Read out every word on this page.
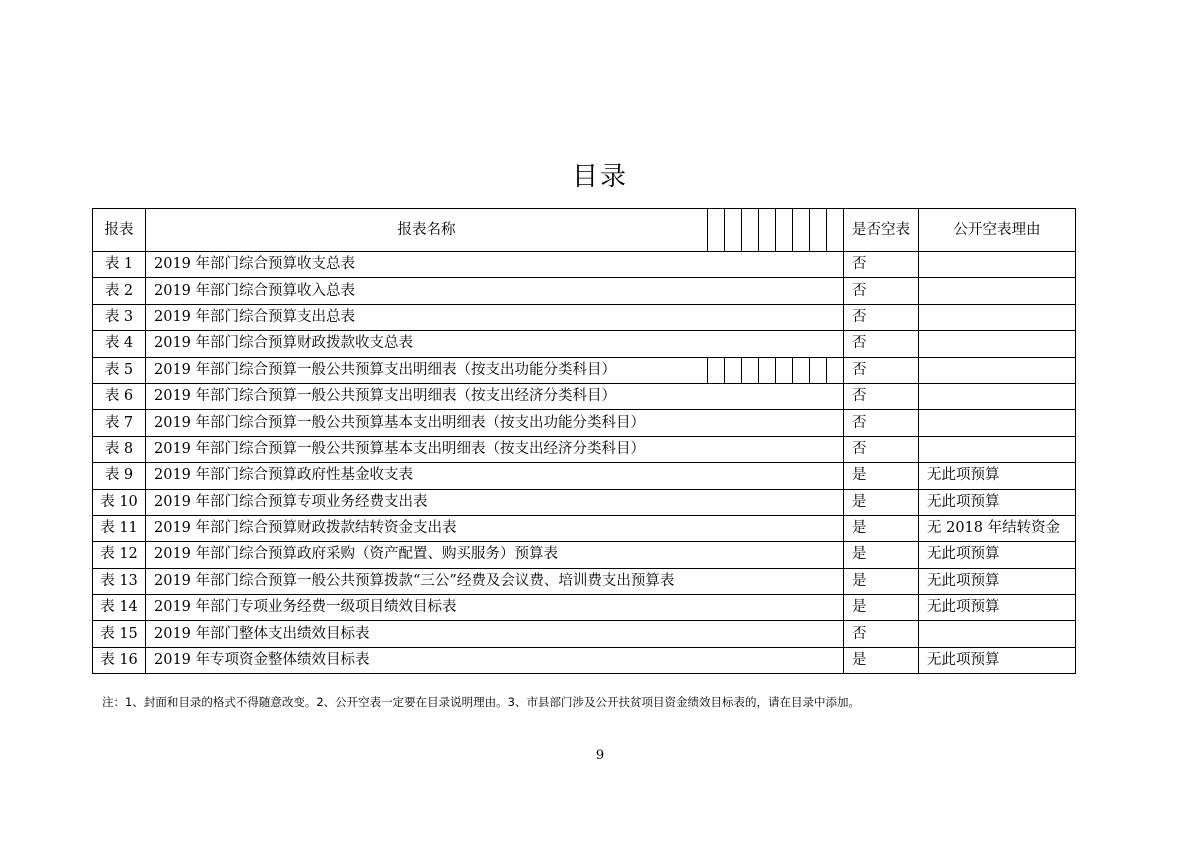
目录
报表	报表名称		是否空表	公开空表理由
表 1	2019 年部门综合预算收支总表		否	
表 2	2019 年部门综合预算收入总表		否	
表 3	2019 年部门综合预算支出总表		否	
表 4	2019 年部门综合预算财政拨款收支总表		否	
表 5	2019 年部门综合预算一般公共预算支出明细表（按支出功能分类科目）		否	
表 6	2019 年部门综合预算一般公共预算支出明细表（按支出经济分类科目）		否	
表 7	2019 年部门综合预算一般公共预算基本支出明细表（按支出功能分类科目）		否	
表 8	2019 年部门综合预算一般公共预算基本支出明细表（按支出经济分类科目）		否	
表 9	2019 年部门综合预算政府性基金收支表		是	无此项预算
表 10	2019 年部门综合预算专项业务经费支出表		是	无此项预算
表 11	2019 年部门综合预算财政拨款结转资金支出表		是	无 2018 年结转资金
表 12	2019 年部门综合预算政府采购（资产配置、购买服务）预算表		是	无此项预算
表 13	2019 年部门综合预算一般公共预算拨款“三公”经费及会议费、培训费支出预算表		是	无此项预算
表 14	2019 年部门专项业务经费一级项目绩效目标表		是	无此项预算
表 15	2019 年部门整体支出绩效目标表		否	
表 16	2019 年专项资金整体绩效目标表		是	无此项预算
注：1、封面和目录的格式不得随意改变。2、公开空表一定要在目录说明理由。3、市县部门涉及公开扶贫项目资金绩效目标表的，请在目录中添加。
9
